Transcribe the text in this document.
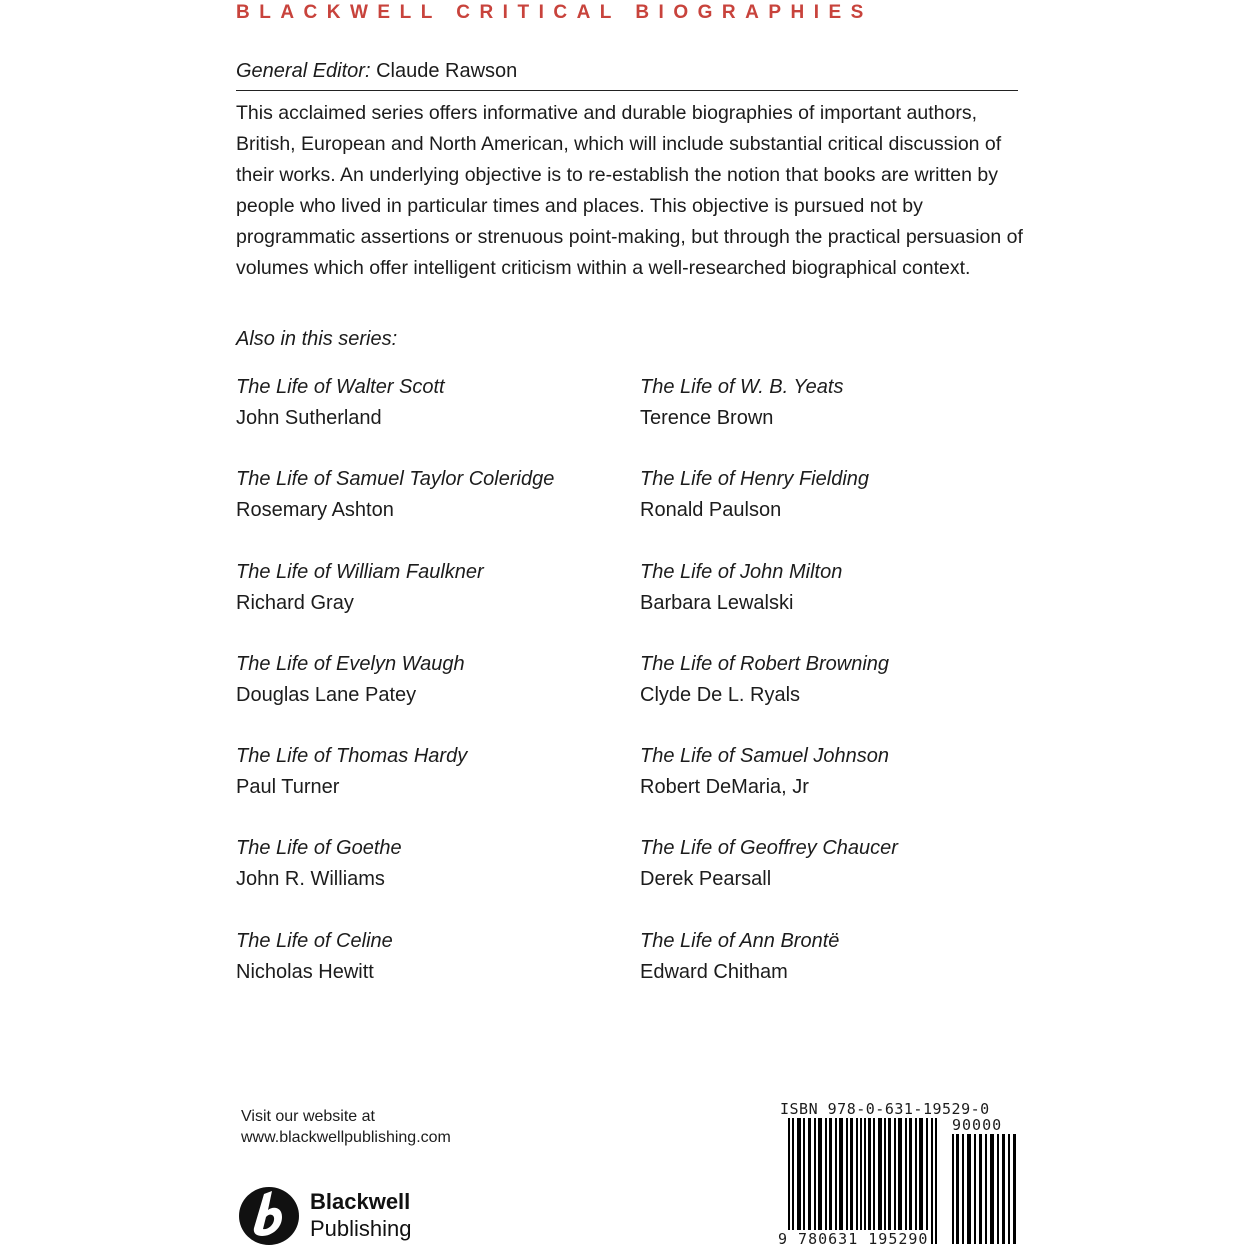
BLACKWELL CRITICAL BIOGRAPHIES
General Editor: Claude Rawson

This acclaimed series offers informative and durable biographies of important authors, British, European and North American, which will include substantial critical discussion of their works. An underlying objective is to re-establish the notion that books are written by people who lived in particular times and places. This objective is pursued not by programmatic assertions or strenuous point-making, but through the practical persuasion of volumes which offer intelligent criticism within a well-researched biographical context.

Also in this series:
The Life of Walter Scott
John Sutherland
The Life of Samuel Taylor Coleridge
Rosemary Ashton
The Life of William Faulkner
Richard Gray
The Life of Evelyn Waugh
Douglas Lane Patey
The Life of Thomas Hardy
Paul Turner
The Life of Goethe
John R. Williams
The Life of Celine
Nicholas Hewitt
The Life of W. B. Yeats
Terence Brown
The Life of Henry Fielding
Ronald Paulson
The Life of John Milton
Barbara Lewalski
The Life of Robert Browning
Clyde De L. Ryals
The Life of Samuel Johnson
Robert DeMaria, Jr
The Life of Geoffrey Chaucer
Derek Pearsall
The Life of Ann Brontë
Edward Chitham
Visit our website at
www.blackwellpublishing.com
Blackwell
Publishing
ISBN 978-0-631-19529-0
90000
9 780631 195290
